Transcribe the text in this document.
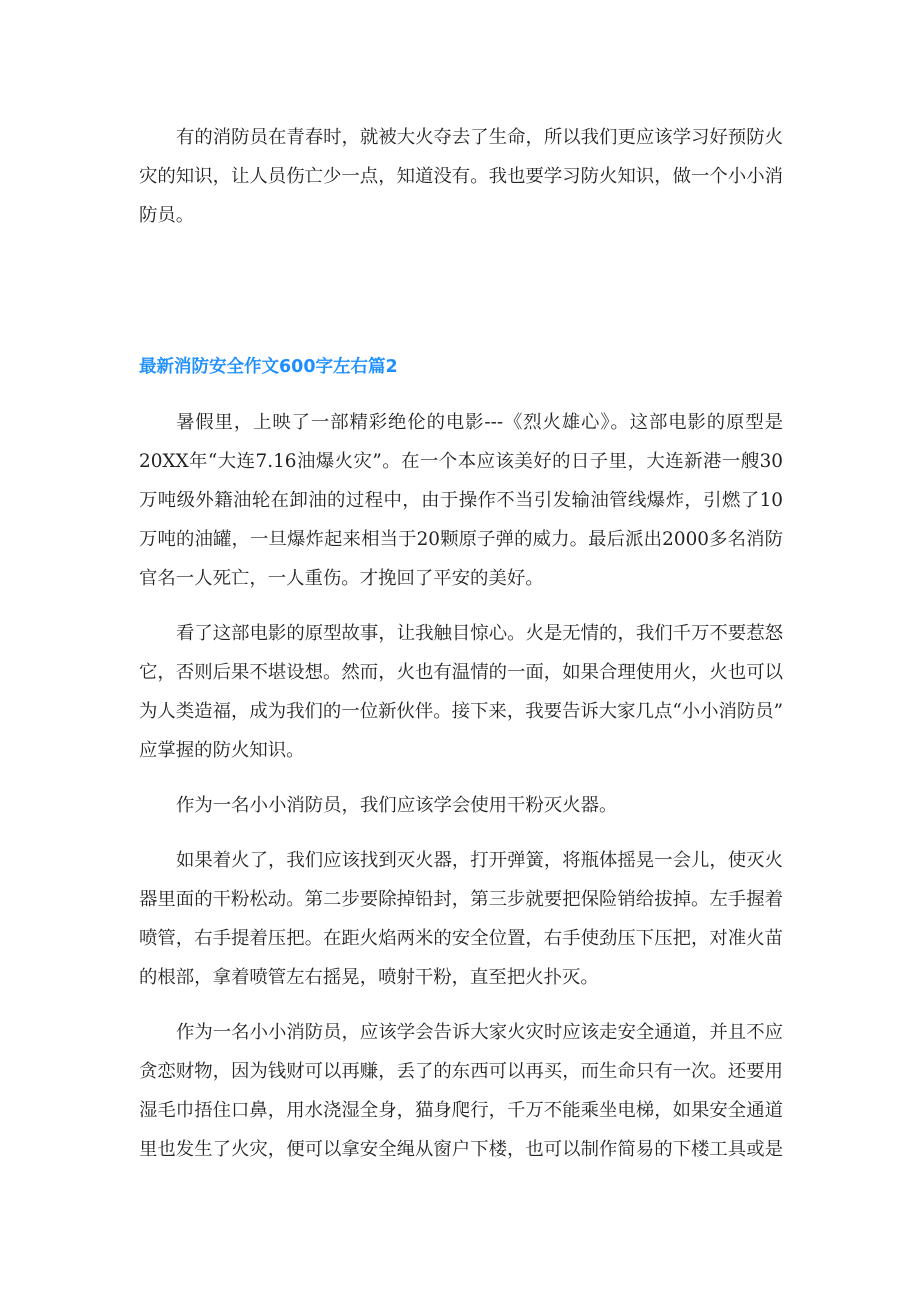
有的消防员在青春时，就被大火夺去了生命，所以我们更应该学习好预防火
灾的知识，让人员伤亡少一点，知道没有。我也要学习防火知识，做一个小小消
防员。
最新消防安全作文600字左右篇2
暑假里，上映了一部精彩绝伦的电影---《烈火雄心》。这部电影的原型是
20XX年“大连7.16油爆火灾”。在一个本应该美好的日子里，大连新港一艘30
万吨级外籍油轮在卸油的过程中，由于操作不当引发输油管线爆炸，引燃了10
万吨的油罐，一旦爆炸起来相当于20颗原子弹的威力。最后派出2000多名消防
官名一人死亡，一人重伤。才挽回了平安的美好。
看了这部电影的原型故事，让我触目惊心。火是无情的，我们千万不要惹怒
它，否则后果不堪设想。然而，火也有温情的一面，如果合理使用火，火也可以
为人类造福，成为我们的一位新伙伴。接下来，我要告诉大家几点“小小消防员”
应掌握的防火知识。
作为一名小小消防员，我们应该学会使用干粉灭火器。
如果着火了，我们应该找到灭火器，打开弹簧，将瓶体摇晃一会儿，使灭火
器里面的干粉松动。第二步要除掉铅封，第三步就要把保险销给拔掉。左手握着
喷管，右手提着压把。在距火焰两米的安全位置，右手使劲压下压把，对准火苗
的根部，拿着喷管左右摇晃，喷射干粉，直至把火扑灭。
作为一名小小消防员，应该学会告诉大家火灾时应该走安全通道，并且不应
贪恋财物，因为钱财可以再赚，丢了的东西可以再买，而生命只有一次。还要用
湿毛巾捂住口鼻，用水浇湿全身，猫身爬行，千万不能乘坐电梯，如果安全通道
里也发生了火灾，便可以拿安全绳从窗户下楼，也可以制作简易的下楼工具或是
